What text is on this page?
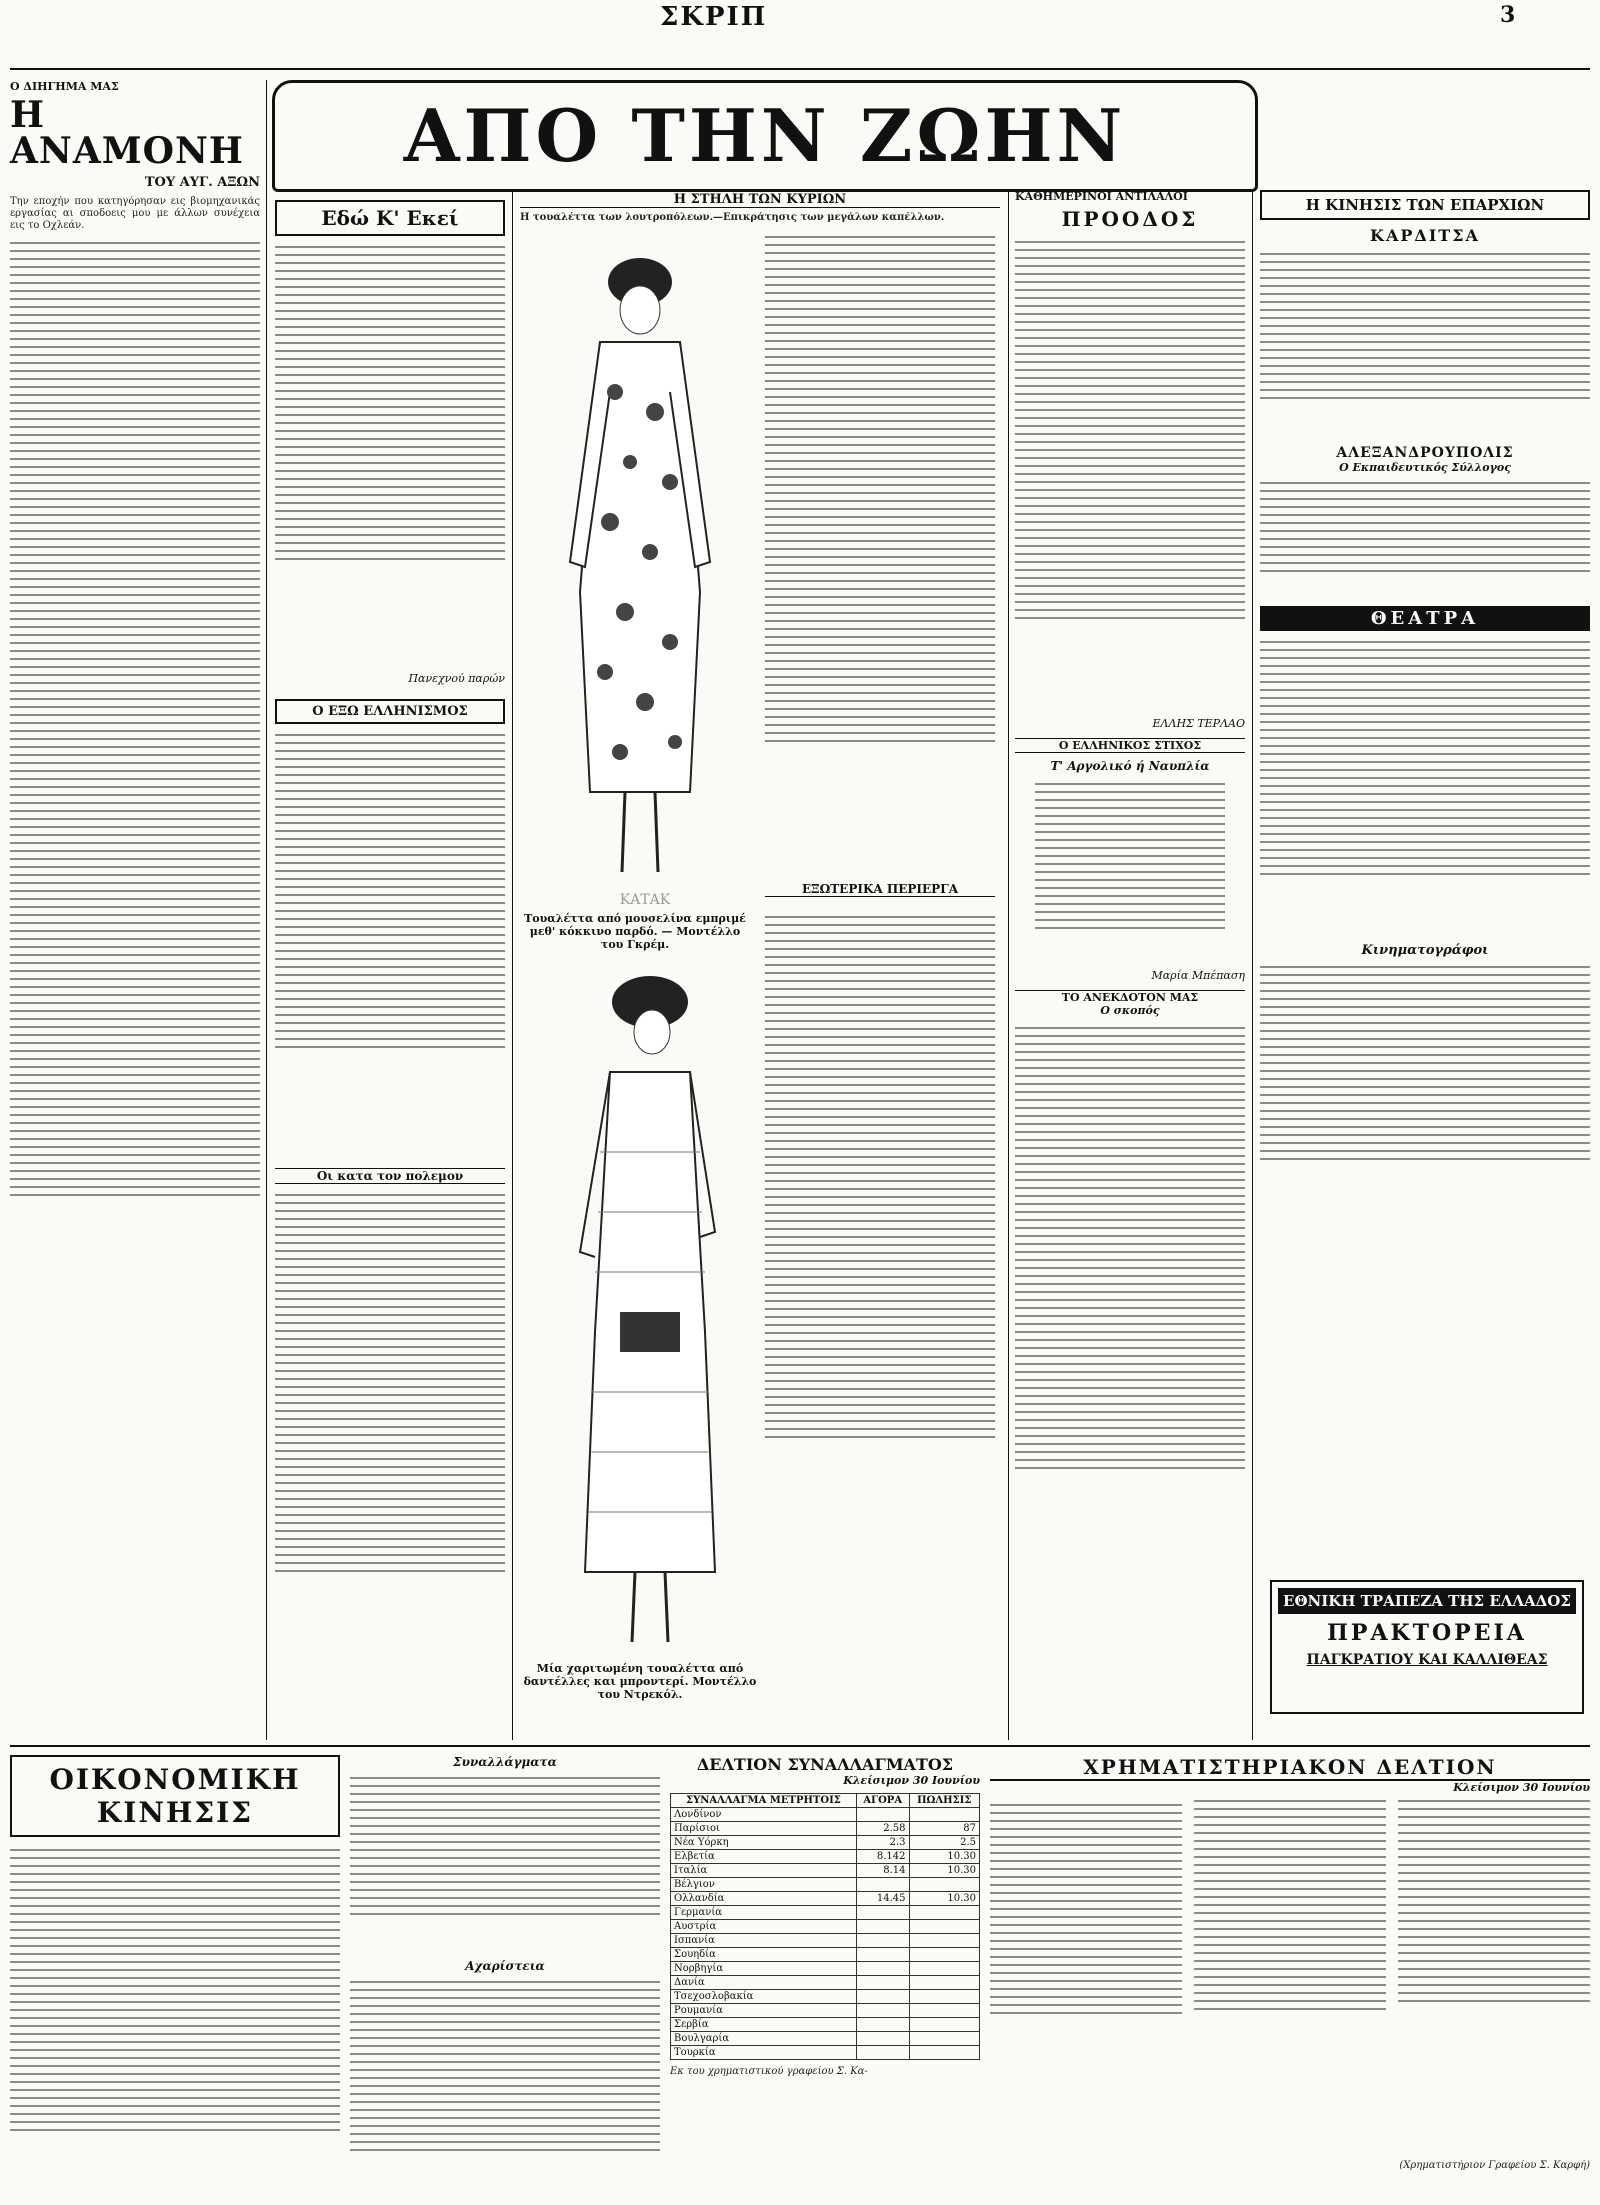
ΣΚΡΙΠ	3
ΑΠΟ ΤΗΝ ΖΩΗΝ
Ο ΔΙΗΓΗΜΑ ΜΑΣ
Η ΑΝΑΜΟΝΗ
ΤΟΥ ΑΥΓ. ΑΞΩΝ
Την εποχήν που κατηγόρησαν εις βιομηχανικάς εργασίας αι σποδοεις μου με άλλων συνέχεια εις το Οχλεάν.	Εδώ Κ' Εκεί
Πανεχνού παρών
Ο ΕΞΩ ΕΛΛΗΝΙΣΜΟΣ
Οι κατα τον πολεμον
Η ΣΤΗΛΗ ΤΩΝ ΚΥΡΙΩΝ
Η τουαλέττα των λουτροπόλεων.—Επικράτησις των μεγάλων καπέλλων.
ΚΑΤΑΚ
Τουαλέττα από μουσελίνα εμπριμέ μεθ' κόκκινο παρδό. — Μοντέλλο του Γκρέμ.
ΕΞΩΤΕΡΙΚΑ ΠΕΡΙΕΡΓΑ
Μία χαριτωμένη τουαλέττα από δαντέλλες και μπροντερί. Μοντέλλο του Ντρεκόλ.
ΚΑΘΗΜΕΡΙΝΟΙ ΑΝΤΙΛΑΛΟΙ
ΠΡΟΟΔΟΣ
ΕΛΛΗΣ ΤΕΡΛΑΟ
Ο ΕΛΛΗΝΙΚΟΣ ΣΤΙΧΟΣ
Τ' Αργολικό ή Ναυπλία
Μαρία Μπέπαση
ΤΟ ΑΝΕΚΔΟΤΟΝ ΜΑΣ
Ο σκοπός
Η ΚΙΝΗΣΙΣ ΤΩΝ ΕΠΑΡΧΙΩΝ
ΚΑΡΔΙΤΣΑ
ΑΛΕΞΑΝΔΡΟΥΠΟΛΙΣ
Ο Εκπαιδευτικός Σύλλογος
ΘΕΑΤΡΑ
Κινηματογράφοι
ΕΘΝΙΚΗ ΤΡΑΠΕΖΑ ΤΗΣ ΕΛΛΑΔΟΣ
ΠΡΑΚΤΟΡΕΙΑ
ΠΑΓΚΡΑΤΙΟΥ ΚΑΙ ΚΑΛΛΙΘΕΑΣ
ΟΙΚΟΝΟΜΙΚΗ ΚΙΝΗΣΙΣ
Συναλλάγματα
Αχαρίστεια
ΔΕΛΤΙΟΝ ΣΥΝΑΛΛΑΓΜΑΤΟΣ
Κλείσιμον 30 Ιουνίου
ΣΥΝΑΛΛΑΓΜΑ ΜΕΤΡΗΤΟΙΣ	ΑΓΟΡΑ	ΠΩΛΗΣΙΣ
Λονδίνον		
Παρίσιοι	2.58	87
Νέα Υόρκη	2.3	2.5
Ελβετία	8.142	10.30
Ιταλία	8.14	10.30
Βέλγιον		
Ολλανδία	14.45	10.30
Γερμανία		
Αυστρία		
Ισπανία		
Σουηδία		
Νορβηγία		
Δανία		
Τσεχοσλοβακία		
Ρουμανία		
Σερβία		
Βουλγαρία		
Τουρκία		
Εκ του χρηματιστικού γραφείου Σ. Κα-
ΧΡΗΜΑΤΙΣΤΗΡΙΑΚΟΝ ΔΕΛΤΙΟΝ
Κλείσιμον 30 Ιουνίου
(Χρηματιστήριον Γραφείου Σ. Καρφή)
